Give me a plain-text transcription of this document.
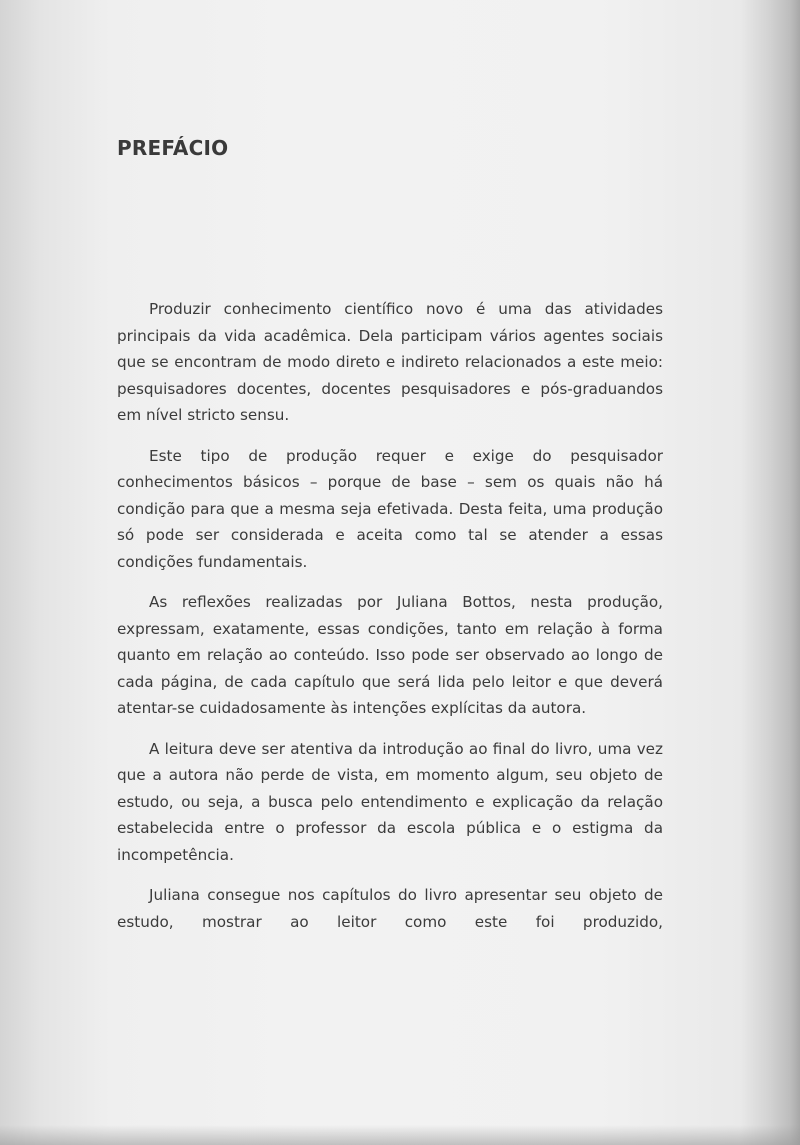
PREFÁCIO

Produzir conhecimento científico novo é uma das atividades principais da vida acadêmica. Dela participam vários agentes sociais que se encontram de modo direto e indireto relacionados a este meio: pesquisadores docentes, docentes pesquisadores e pós-graduandos em nível stricto sensu.

Este tipo de produção requer e exige do pesquisador conhecimentos básicos – porque de base – sem os quais não há condição para que a mesma seja efetivada. Desta feita, uma produção só pode ser considerada e aceita como tal se atender a essas condições fundamentais.

As reflexões realizadas por Juliana Bottos, nesta produção, expressam, exatamente, essas condições, tanto em relação à forma quanto em relação ao conteúdo. Isso pode ser observado ao longo de cada página, de cada capítulo que será lida pelo leitor e que deverá atentar-se cuidadosamente às intenções explícitas da autora.

A leitura deve ser atentiva da introdução ao final do livro, uma vez que a autora não perde de vista, em momento algum, seu objeto de estudo, ou seja, a busca pelo entendimento e explicação da relação estabelecida entre o professor da escola pública e o estigma da incompetência.

Juliana consegue nos capítulos do livro apresentar seu objeto de estudo, mostrar ao leitor como este foi produzido,
